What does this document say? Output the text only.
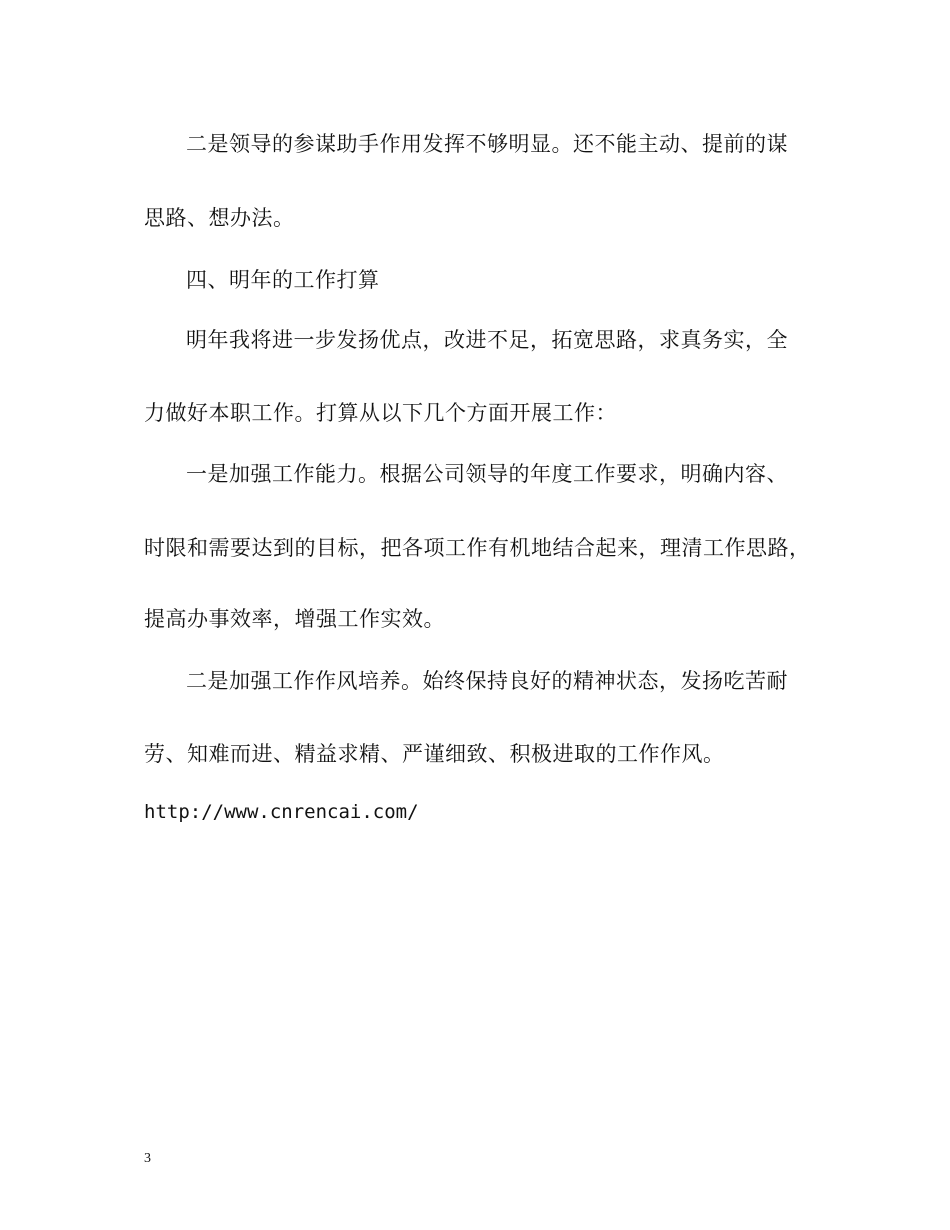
二是领导的参谋助手作用发挥不够明显。还不能主动、提前的谋
思路、想办法。
四、明年的工作打算
明年我将进一步发扬优点，改进不足，拓宽思路，求真务实，全
力做好本职工作。打算从以下几个方面开展工作：
一是加强工作能力。根据公司领导的年度工作要求，明确内容、
时限和需要达到的目标，把各项工作有机地结合起来，理清工作思路，
提高办事效率，增强工作实效。
二是加强工作作风培养。始终保持良好的精神状态，发扬吃苦耐
劳、知难而进、精益求精、严谨细致、积极进取的工作作风。
http://www.cnrencai.com/
3
